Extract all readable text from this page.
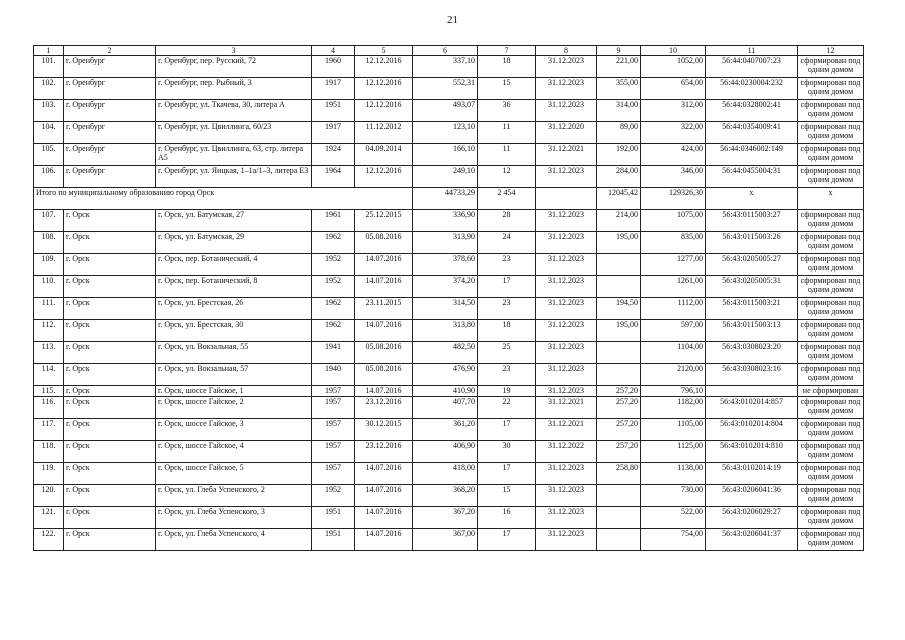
21
1	2	3	4	5	6	7	8	9	10	11	12
101.	г. Оренбург	г. Оренбург, пер. Русский, 72	1960	12.12.2016	337,10	18	31.12.2023	221,00	1052,00	56:44:0407007:23	сформирован под одним домом
102.	г. Оренбург	г. Оренбург, пер. Рыбный, 3	1917	12.12.2016	552,31	15	31.12.2023	355,00	654,00	56:44:0230004:232	сформирован под одним домом
103.	г. Оренбург	г. Оренбург, ул. Ткачева, 30, литера А	1951	12.12.2016	493,07	36	31.12.2023	314,00	312,00	56:44:0328002:41	сформирован под одним домом
104.	г. Оренбург	г. Оренбург, ул. Цвиллинга, 60/23	1917	11.12.2012	123,10	11	31.12.2020	89,00	322,00	56:44:0354009:41	сформирован под одним домом
105.	г. Оренбург	г. Оренбург, ул. Цвиллинга, 63, стр. литера А5	1924	04.09.2014	166,10	11	31.12.2021	192,00	424,00	56:44:0346002:149	сформирован под одним домом
106.	г. Оренбург	г. Оренбург, ул. Яицкая, 1–1а/1–3, литера Е3	1964	12.12.2016	249,10	12	31.12.2023	284,00	346,00	56:44:0455004:31	сформирован под одним домом
Итого по муниципальному образованию город Орск					44733,29	2 454		12045,42	129326,30	х	х
107.	г. Орск	г. Орск, ул. Батумская, 27	1961	25.12.2015	336,90	28	31.12.2023	214,00	1075,00	56:43:0115003:27	сформирован под одним домом
108.	г. Орск	г. Орск, ул. Батумская, 29	1962	05.08.2016	313,90	24	31.12.2023	195,00	835,00	56:43:0115003:26	сформирован под одним домом
109.	г. Орск	г. Орск, пер. Ботанический, 4	1952	14.07.2016	378,60	23	31.12.2023		1277,00	56:43:0205005:27	сформирован под одним домом
110.	г. Орск	г. Орск, пер. Ботанический, 8	1952	14.07.2016	374,20	17	31.12.2023		1261,00	56:43:0205005:31	сформирован под одним домом
111.	г. Орск	г. Орск, ул. Брестская, 26	1962	23.11.2015	314,50	23	31.12.2023	194,50	1112,00	56:43:0115003:21	сформирован под одним домом
112.	г. Орск	г. Орск, ул. Брестская, 30	1962	14.07.2016	313,80	18	31.12.2023	195,00	597,00	56:43:0115003:13	сформирован под одним домом
113.	г. Орск	г. Орск, ул. Вокзальная, 55	1941	05.08.2016	482,50	25	31.12.2023		1104,00	56:43:0308023:20	сформирован под одним домом
114.	г. Орск	г. Орск, ул. Вокзальная, 57	1940	05.08.2016	476,90	23	31.12.2023		2120,00	56:43:0308023:16	сформирован под одним домом
115.	г. Орск	г. Орск, шоссе Гайское, 1	1957	14.07.2016	410,90	19	31.12.2023	257,20	796,10		не сформирован
116.	г. Орск	г. Орск, шоссе Гайское, 2	1957	23.12.2016	407,70	22	31.12.2021	257,20	1182,00	56:43:0102014:857	сформирован под одним домом
117.	г. Орск	г. Орск, шоссе Гайское, 3	1957	30.12.2015	361,20	17	31.12.2021	257,20	1105,00	56:43:0102014:804	сформирован под одним домом
118.	г. Орск	г. Орск, шоссе Гайское, 4	1957	23.12.2016	406,90	30	31.12.2022	257,20	1125,00	56:43:0102014:810	сформирован под одним домом
119.	г. Орск	г. Орск, шоссе Гайское, 5	1957	14.07.2016	418,00	17	31.12.2023	258,80	1138,00	56:43:0102014:19	сформирован под одним домом
120.	г. Орск	г. Орск, ул. Глеба Успенского, 2	1952	14.07.2016	368,20	15	31.12.2023		730,00	56:43:0206041:36	сформирован под одним домом
121.	г. Орск	г. Орск, ул. Глеба Успенского, 3	1951	14.07.2016	367,20	16	31.12.2023		522,00	56:43:0206029:27	сформирован под одним домом
122.	г. Орск	г. Орск, ул. Глеба Успенского, 4	1951	14.07.2016	367,00	17	31.12.2023		754,00	56:43:0206041:37	сформирован под одним домом
